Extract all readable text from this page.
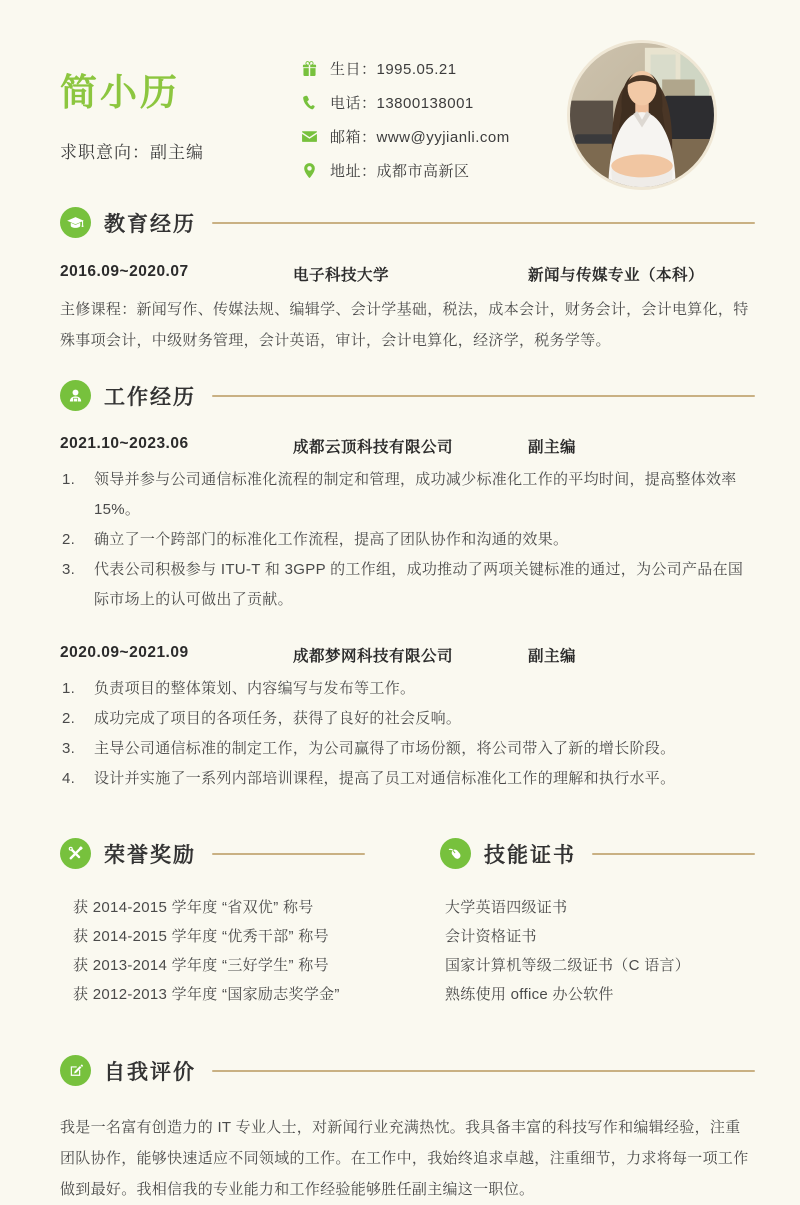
简小历
求职意向：副主编
生日：1995.05.21
电话：13800138001
邮箱：www@yyjianli.com
地址：成都市高新区
教育经历
2016.09~2020.07	电子科技大学	新闻与传媒专业（本科）
主修课程：新闻写作、传媒法规、编辑学、会计学基础，税法，成本会计，财务会计，会计电算化，特殊事项会计，中级财务管理，会计英语，审计，会计电算化，经济学，税务学等。
工作经历
2021.10~2023.06	成都云顶科技有限公司	副主编
领导并参与公司通信标准化流程的制定和管理，成功减少标准化工作的平均时间，提高整体效率 15%。
确立了一个跨部门的标准化工作流程，提高了团队协作和沟通的效果。
代表公司积极参与 ITU-T 和 3GPP 的工作组，成功推动了两项关键标准的通过，为公司产品在国际市场上的认可做出了贡献。
2020.09~2021.09	成都梦网科技有限公司	副主编
负责项目的整体策划、内容编写与发布等工作。
成功完成了项目的各项任务，获得了良好的社会反响。
主导公司通信标准的制定工作，为公司赢得了市场份额，将公司带入了新的增长阶段。
设计并实施了一系列内部培训课程，提高了员工对通信标准化工作的理解和执行水平。
荣誉奖励
获 2014-2015 学年度 “省双优” 称号
获 2014-2015 学年度 “优秀干部” 称号
获 2013-2014 学年度 “三好学生” 称号
获 2012-2013 学年度 “国家励志奖学金”
技能证书
大学英语四级证书
会计资格证书
国家计算机等级二级证书（C 语言）
熟练使用 office 办公软件
自我评价
我是一名富有创造力的 IT 专业人士，对新闻行业充满热忱。我具备丰富的科技写作和编辑经验，注重团队协作，能够快速适应不同领域的工作。在工作中，我始终追求卓越，注重细节，力求将每一项工作做到最好。我相信我的专业能力和工作经验能够胜任副主编这一职位。
